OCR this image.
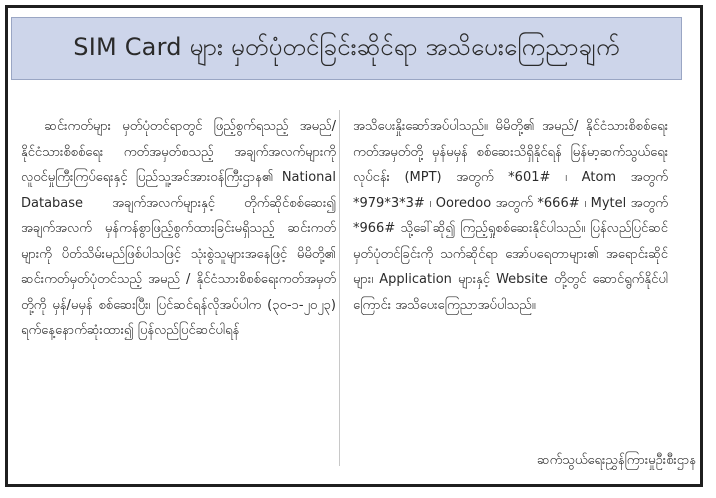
SIM Card များ မှတ်ပုံတင်ခြင်းဆိုင်ရာ အသိပေးကြေညာချက်

ဆင်းကတ်များ မှတ်ပုံတင်ရာတွင် ဖြည့်စွက်ရသည့် အမည်/ နိုင်ငံသားစိစစ်ရေး ကတ်အမှတ်စသည့် အချက်အလက်များကို လူဝင်မှုကြီးကြပ်ရေးနှင့် ပြည်သူ့အင်အားဝန်ကြီးဌာန၏ National Database အချက်အလက်များနှင့် တိုက်ဆိုင်စစ်ဆေး၍ အချက်အလက် မှန်ကန်စွာဖြည့်စွက်ထားခြင်းမရှိသည့် ဆင်းကတ်များကို ပိတ်သိမ်းမည်ဖြစ်ပါသဖြင့် သုံးစွဲသူများအနေဖြင့် မိမိတို့၏ ဆင်းကတ်မှတ်ပုံတင်သည့် အမည် / နိုင်ငံသားစိစစ်ရေးကတ်အမှတ်တို့ကို မှန်/မမှန် စစ်ဆေးပြီး၊ ပြင်ဆင်ရန်လိုအပ်ပါက (၃၀-၁-၂၀၂၃) ရက်နေ့နောက်ဆုံးထား၍ ပြန်လည်ပြင်ဆင်ပါရန်

အသိပေးနှိုးဆော်အပ်ပါသည်။ မိမိတို့၏ အမည်/ နိုင်ငံသားစိစစ်ရေး ကတ်အမှတ်တို့ မှန်မမှန် စစ်ဆေးသိရှိနိုင်ရန် မြန်မာ့ဆက်သွယ်ရေးလုပ်ငန်း (MPT) အတွက် *601# ၊ Atom အတွက် *979*3*3# ၊ Ooredoo အတွက် *666# ၊ Mytel အတွက် *966# သို့ခေါ်ဆို၍ ကြည့်ရှုစစ်ဆေးနိုင်ပါသည်။ ပြန်လည်ပြင်ဆင် မှတ်ပုံတင်ခြင်းကို သက်ဆိုင်ရာ အော်ပရေတာများ၏ အရောင်းဆိုင်များ၊ Application များနှင့် Website တို့တွင် ဆောင်ရွက်နိုင်ပါကြောင်း အသိပေးကြေညာအပ်ပါသည်။

ဆက်သွယ်ရေးညွှန်ကြားမှုဦးစီးဌာန
